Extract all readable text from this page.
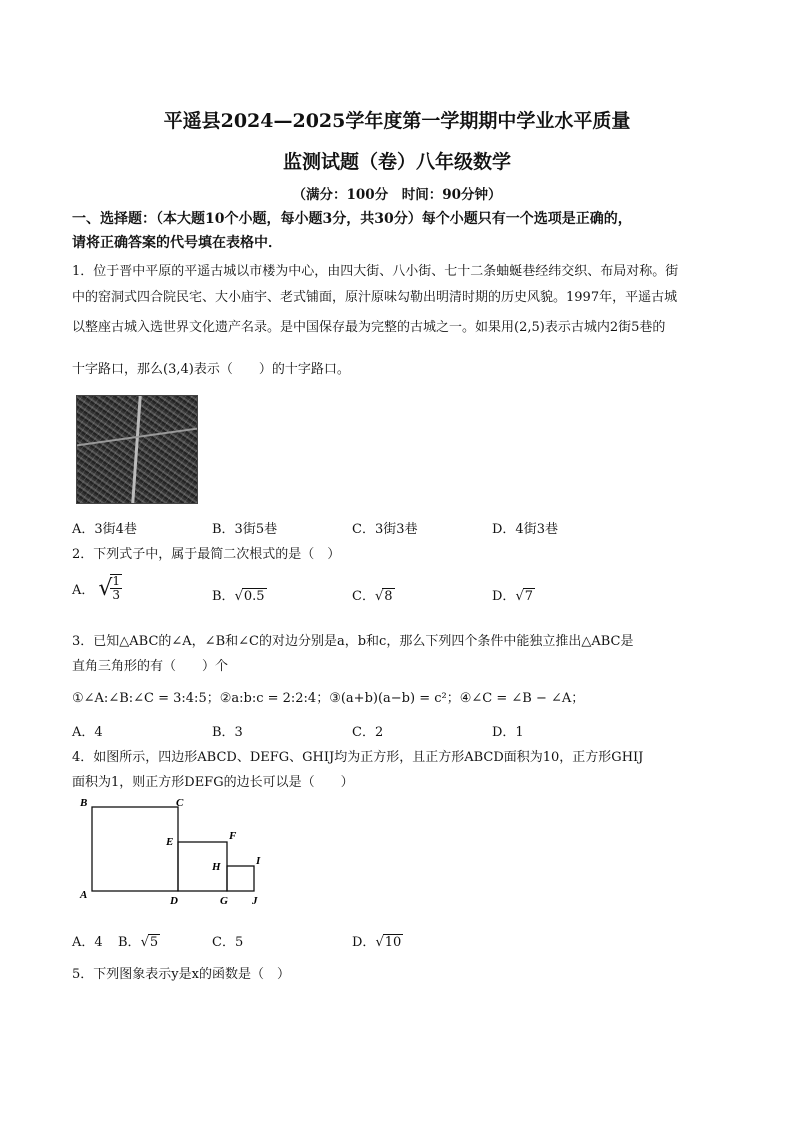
平遥县2024—2025学年度第一学期期中学业水平质量
监测试题（卷）八年级数学
（满分：100分　时间：90分钟）
一、选择题：（本大题10个小题，每小题3分，共30分）每个小题只有一个选项是正确的，
请将正确答案的代号填在表格中．
1．位于晋中平原的平遥古城以市楼为中心，由四大街、八小街、七十二条蚰蜒巷经纬交织、布局对称。街
中的窑洞式四合院民宅、大小庙宇、老式铺面，原汁原味勾勒出明清时期的历史风貌。1997年，平遥古城
以整座古城入选世界文化遗产名录。是中国保存最为完整的古城之一。如果用(2,5)表示古城内2街5巷的
十字路口，那么(3,4)表示（　　）的十字路口。
A．3街4巷	B．3街5巷	C．3街3巷	D．4街3巷
2．下列式子中，属于最简二次根式的是（　）
A． √
$\frac{1}{3}$	B．√0.5	C．√8	D．√7
3．已知△ABC的∠A，∠B和∠C的对边分别是a，b和c，那么下列四个条件中能独立推出△ABC是
直角三角形的有（　　）个
①∠A:∠B:∠C = 3:4:5；②a:b:c = 2:2:4；③(a+b)(a−b) = c²；④∠C = ∠B − ∠A；
A．4	B．3	C．2	D．1
4．如图所示，四边形ABCD、DEFG、GHIJ均为正方形，且正方形ABCD面积为10，正方形GHIJ
面积为1，则正方形DEFG的边长可以是（　　）
B	C
E	F
H	I
A	D	G J
A．4 B．√5	C．5	D．√10
5．下列图象表示y是x的函数是（　）
